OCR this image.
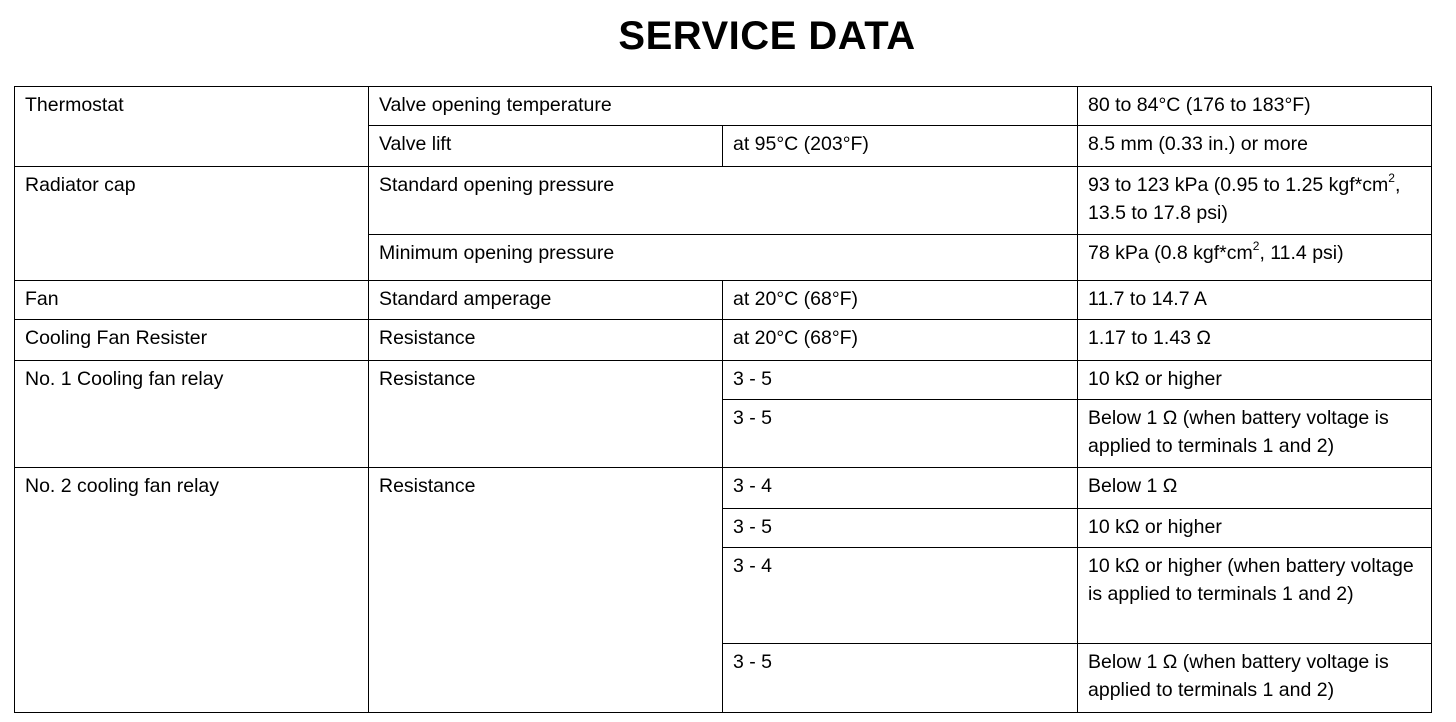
SERVICE DATA
Thermostat	Valve opening temperature		80 to 84°C (176 to 183°F)
	Valve lift	at 95°C (203°F)	8.5 mm (0.33 in.) or more
Radiator cap	Standard opening pressure		93 to 123 kPa (0.95 to 1.25 $kgf*cm^2$, 13.5 to 17.8 psi)
	Minimum opening pressure		78 kPa (0.8 $kgf*cm^2$, 11.4 psi)
Fan	Standard amperage	at 20°C (68°F)	11.7 to 14.7 A
Cooling Fan Resister	Resistance	at 20°C (68°F)	1.17 to 1.43 Ω
No. 1 Cooling fan relay	Resistance	3 - 5	10 kΩ or higher
		3 - 5	Below 1 Ω (when battery voltage is applied to terminals 1 and 2)
No. 2 cooling fan relay	Resistance	3 - 4	Below 1 Ω
		3 - 5	10 kΩ or higher
		3 - 4	10 kΩ or higher (when battery voltage is applied to terminals 1 and 2)
		3 - 5	Below 1 Ω (when battery voltage is applied to terminals 1 and 2)
